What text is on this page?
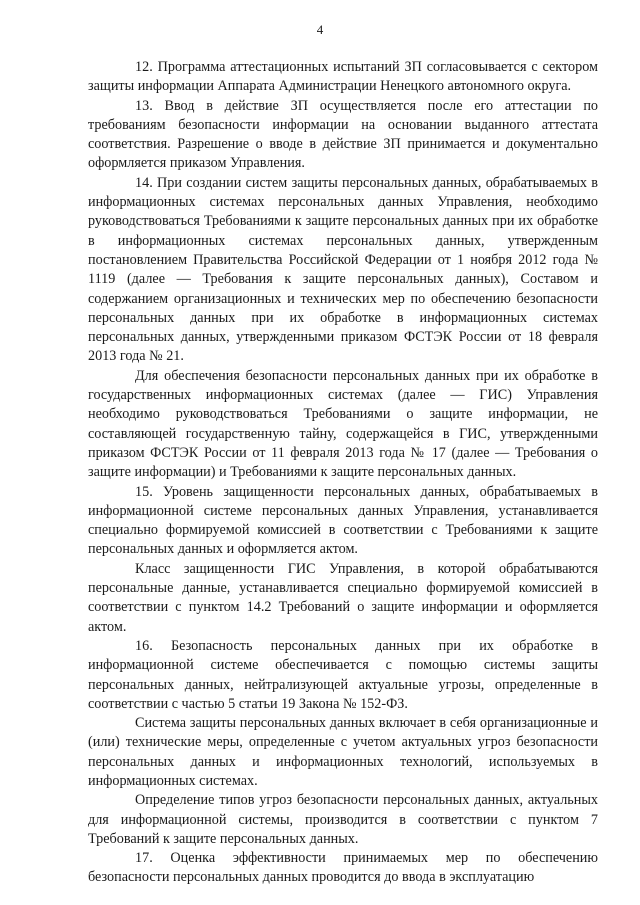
4

12. Программа аттестационных испытаний ЗП согласовывается с сектором защиты информации Аппарата Администрации Ненецкого автономного округа.

13. Ввод в действие ЗП осуществляется после его аттестации по требованиям безопасности информации на основании выданного аттестата соответствия. Разрешение о вводе в действие ЗП принимается и документально оформляется приказом Управления.

14. При создании систем защиты персональных данных, обрабатываемых в информационных системах персональных данных Управления, необходимо руководствоваться Требованиями к защите персональных данных при их обработке в информационных системах персональных данных, утвержденным постановлением Правительства Российской Федерации от 1 ноября 2012 года № 1119 (далее — Требования к защите персональных данных), Составом и содержанием организационных и технических мер по обеспечению безопасности персональных данных при их обработке в информационных системах персональных данных, утвержденными приказом ФСТЭК России от 18 февраля 2013 года № 21.

Для обеспечения безопасности персональных данных при их обработке в государственных информационных системах (далее — ГИС) Управления необходимо руководствоваться Требованиями о защите информации, не составляющей государственную тайну, содержащейся в ГИС, утвержденными приказом ФСТЭК России от 11 февраля 2013 года № 17 (далее — Требования о защите информации) и Требованиями к защите персональных данных.

15. Уровень защищенности персональных данных, обрабатываемых в информационной системе персональных данных Управления, устанавливается специально формируемой комиссией в соответствии с Требованиями к защите персональных данных и оформляется актом.

Класс защищенности ГИС Управления, в которой обрабатываются персональные данные, устанавливается специально формируемой комиссией в соответствии с пунктом 14.2 Требований о защите информации и оформляется актом.

16. Безопасность персональных данных при их обработке в информационной системе обеспечивается с помощью системы защиты персональных данных, нейтрализующей актуальные угрозы, определенные в соответствии с частью 5 статьи 19 Закона № 152-ФЗ.

Система защиты персональных данных включает в себя организационные и (или) технические меры, определенные с учетом актуальных угроз безопасности персональных данных и информационных технологий, используемых в информационных системах.

Определение типов угроз безопасности персональных данных, актуальных для информационной системы, производится в соответствии с пунктом 7 Требований к защите персональных данных.

17. Оценка эффективности принимаемых мер по обеспечению безопасности персональных данных проводится до ввода в эксплуатацию
